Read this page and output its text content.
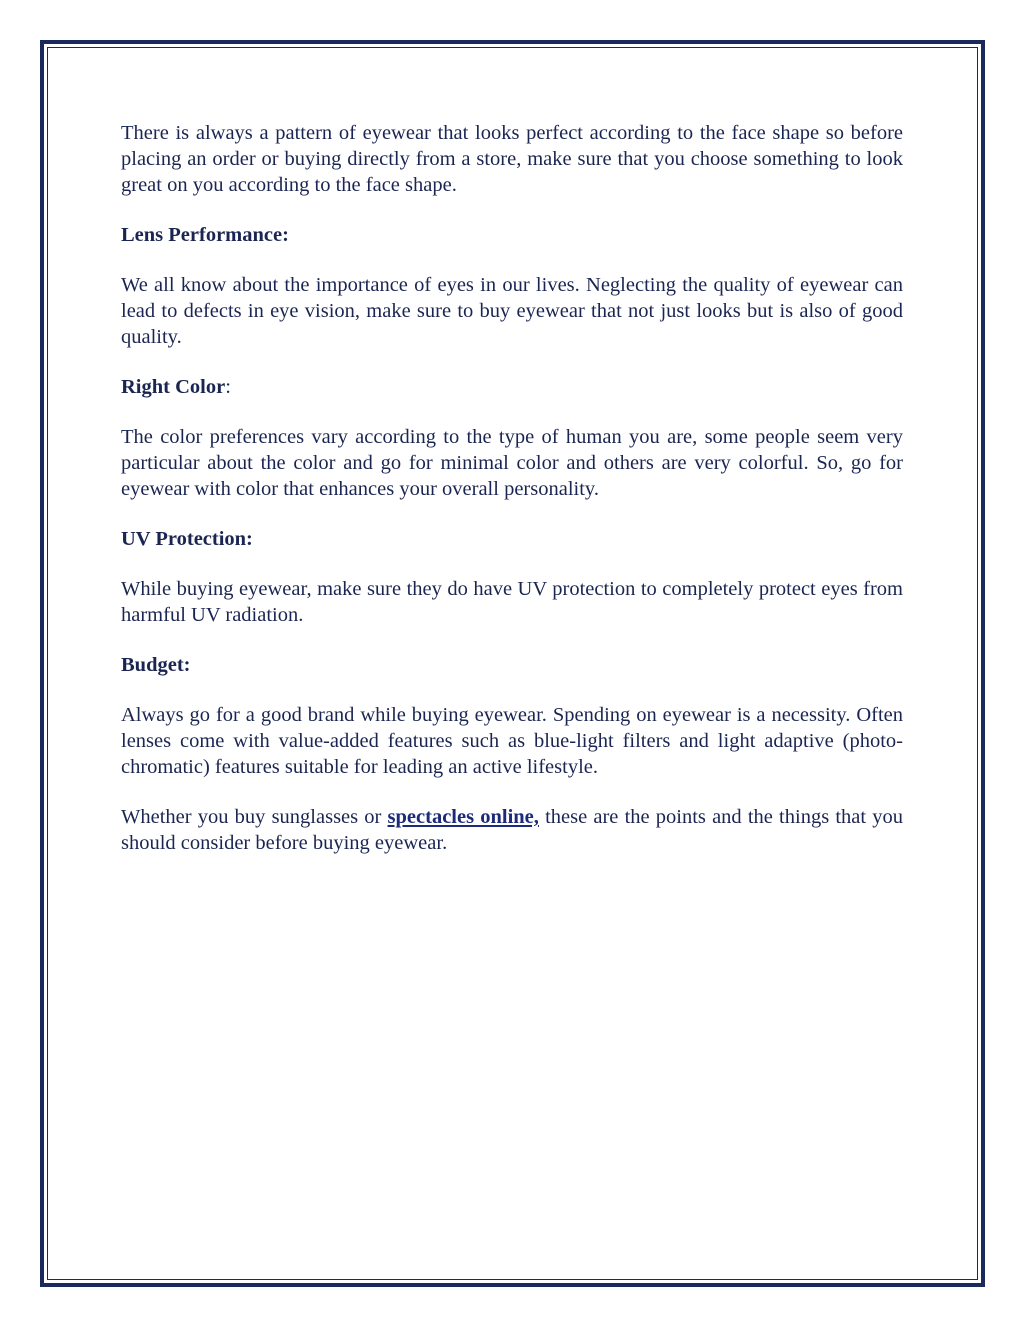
There is always a pattern of eyewear that looks perfect according to the face shape so before placing an order or buying directly from a store, make sure that you choose something to look great on you according to the face shape.

Lens Performance:

We all know about the importance of eyes in our lives. Neglecting the quality of eyewear can lead to defects in eye vision, make sure to buy eyewear that not just looks but is also of good quality.

Right Color:

The color preferences vary according to the type of human you are, some people seem very particular about the color and go for minimal color and others are very colorful. So, go for eyewear with color that enhances your overall personality.

UV Protection:

While buying eyewear, make sure they do have UV protection to completely protect eyes from harmful UV radiation.

Budget:

Always go for a good brand while buying eyewear. Spending on eyewear is a necessity. Often lenses come with value-added features such as blue-light filters and light adaptive (photo-chromatic) features suitable for leading an active lifestyle.

Whether you buy sunglasses or spectacles online, these are the points and the things that you should consider before buying eyewear.
